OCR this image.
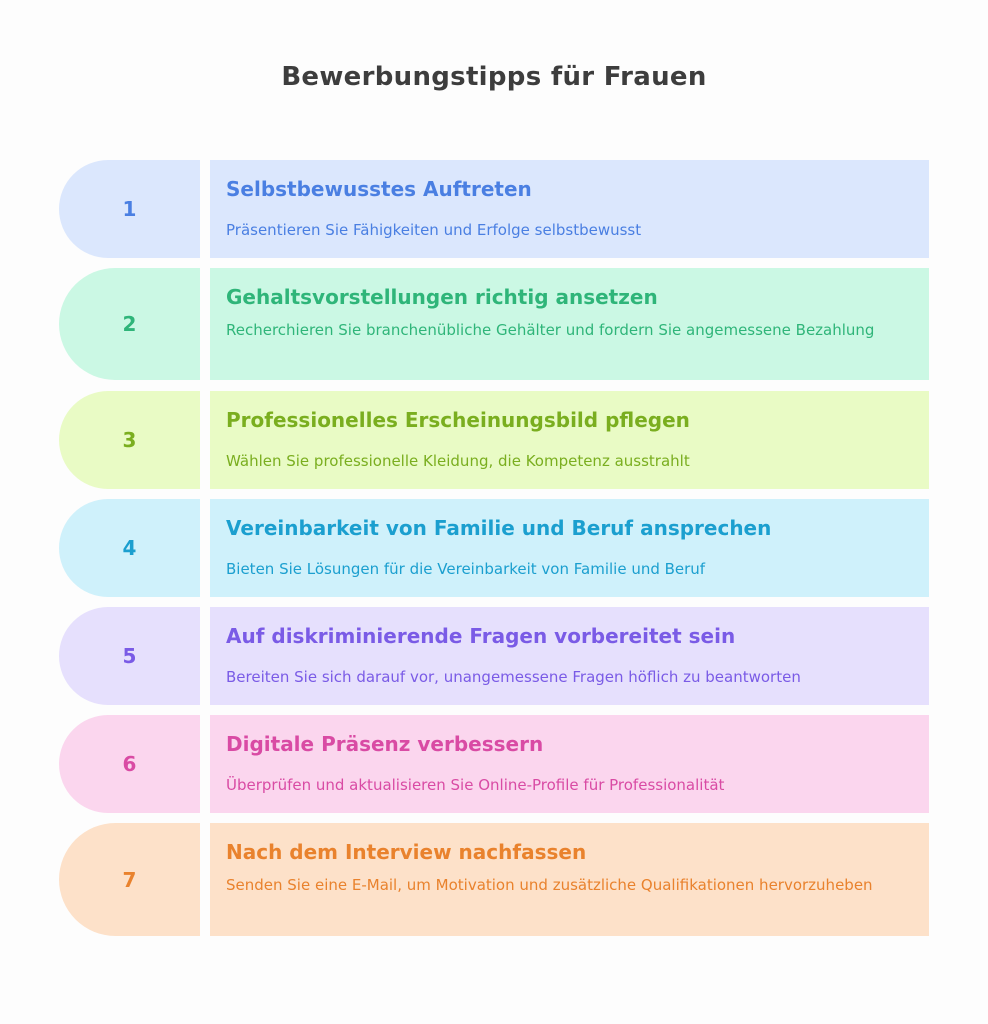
Bewerbungstipps für Frauen
1
Selbstbewusstes Auftreten
Präsentieren Sie Fähigkeiten und Erfolge selbstbewusst
2
Gehaltsvorstellungen richtig ansetzen
Recherchieren Sie branchenübliche Gehälter und fordern Sie angemessene Bezahlung
3
Professionelles Erscheinungsbild pflegen
Wählen Sie professionelle Kleidung, die Kompetenz ausstrahlt
4
Vereinbarkeit von Familie und Beruf ansprechen
Bieten Sie Lösungen für die Vereinbarkeit von Familie und Beruf
5
Auf diskriminierende Fragen vorbereitet sein
Bereiten Sie sich darauf vor, unangemessene Fragen höflich zu beantworten
6
Digitale Präsenz verbessern
Überprüfen und aktualisieren Sie Online-Profile für Professionalität
7
Nach dem Interview nachfassen
Senden Sie eine E-Mail, um Motivation und zusätzliche Qualifikationen hervorzuheben
